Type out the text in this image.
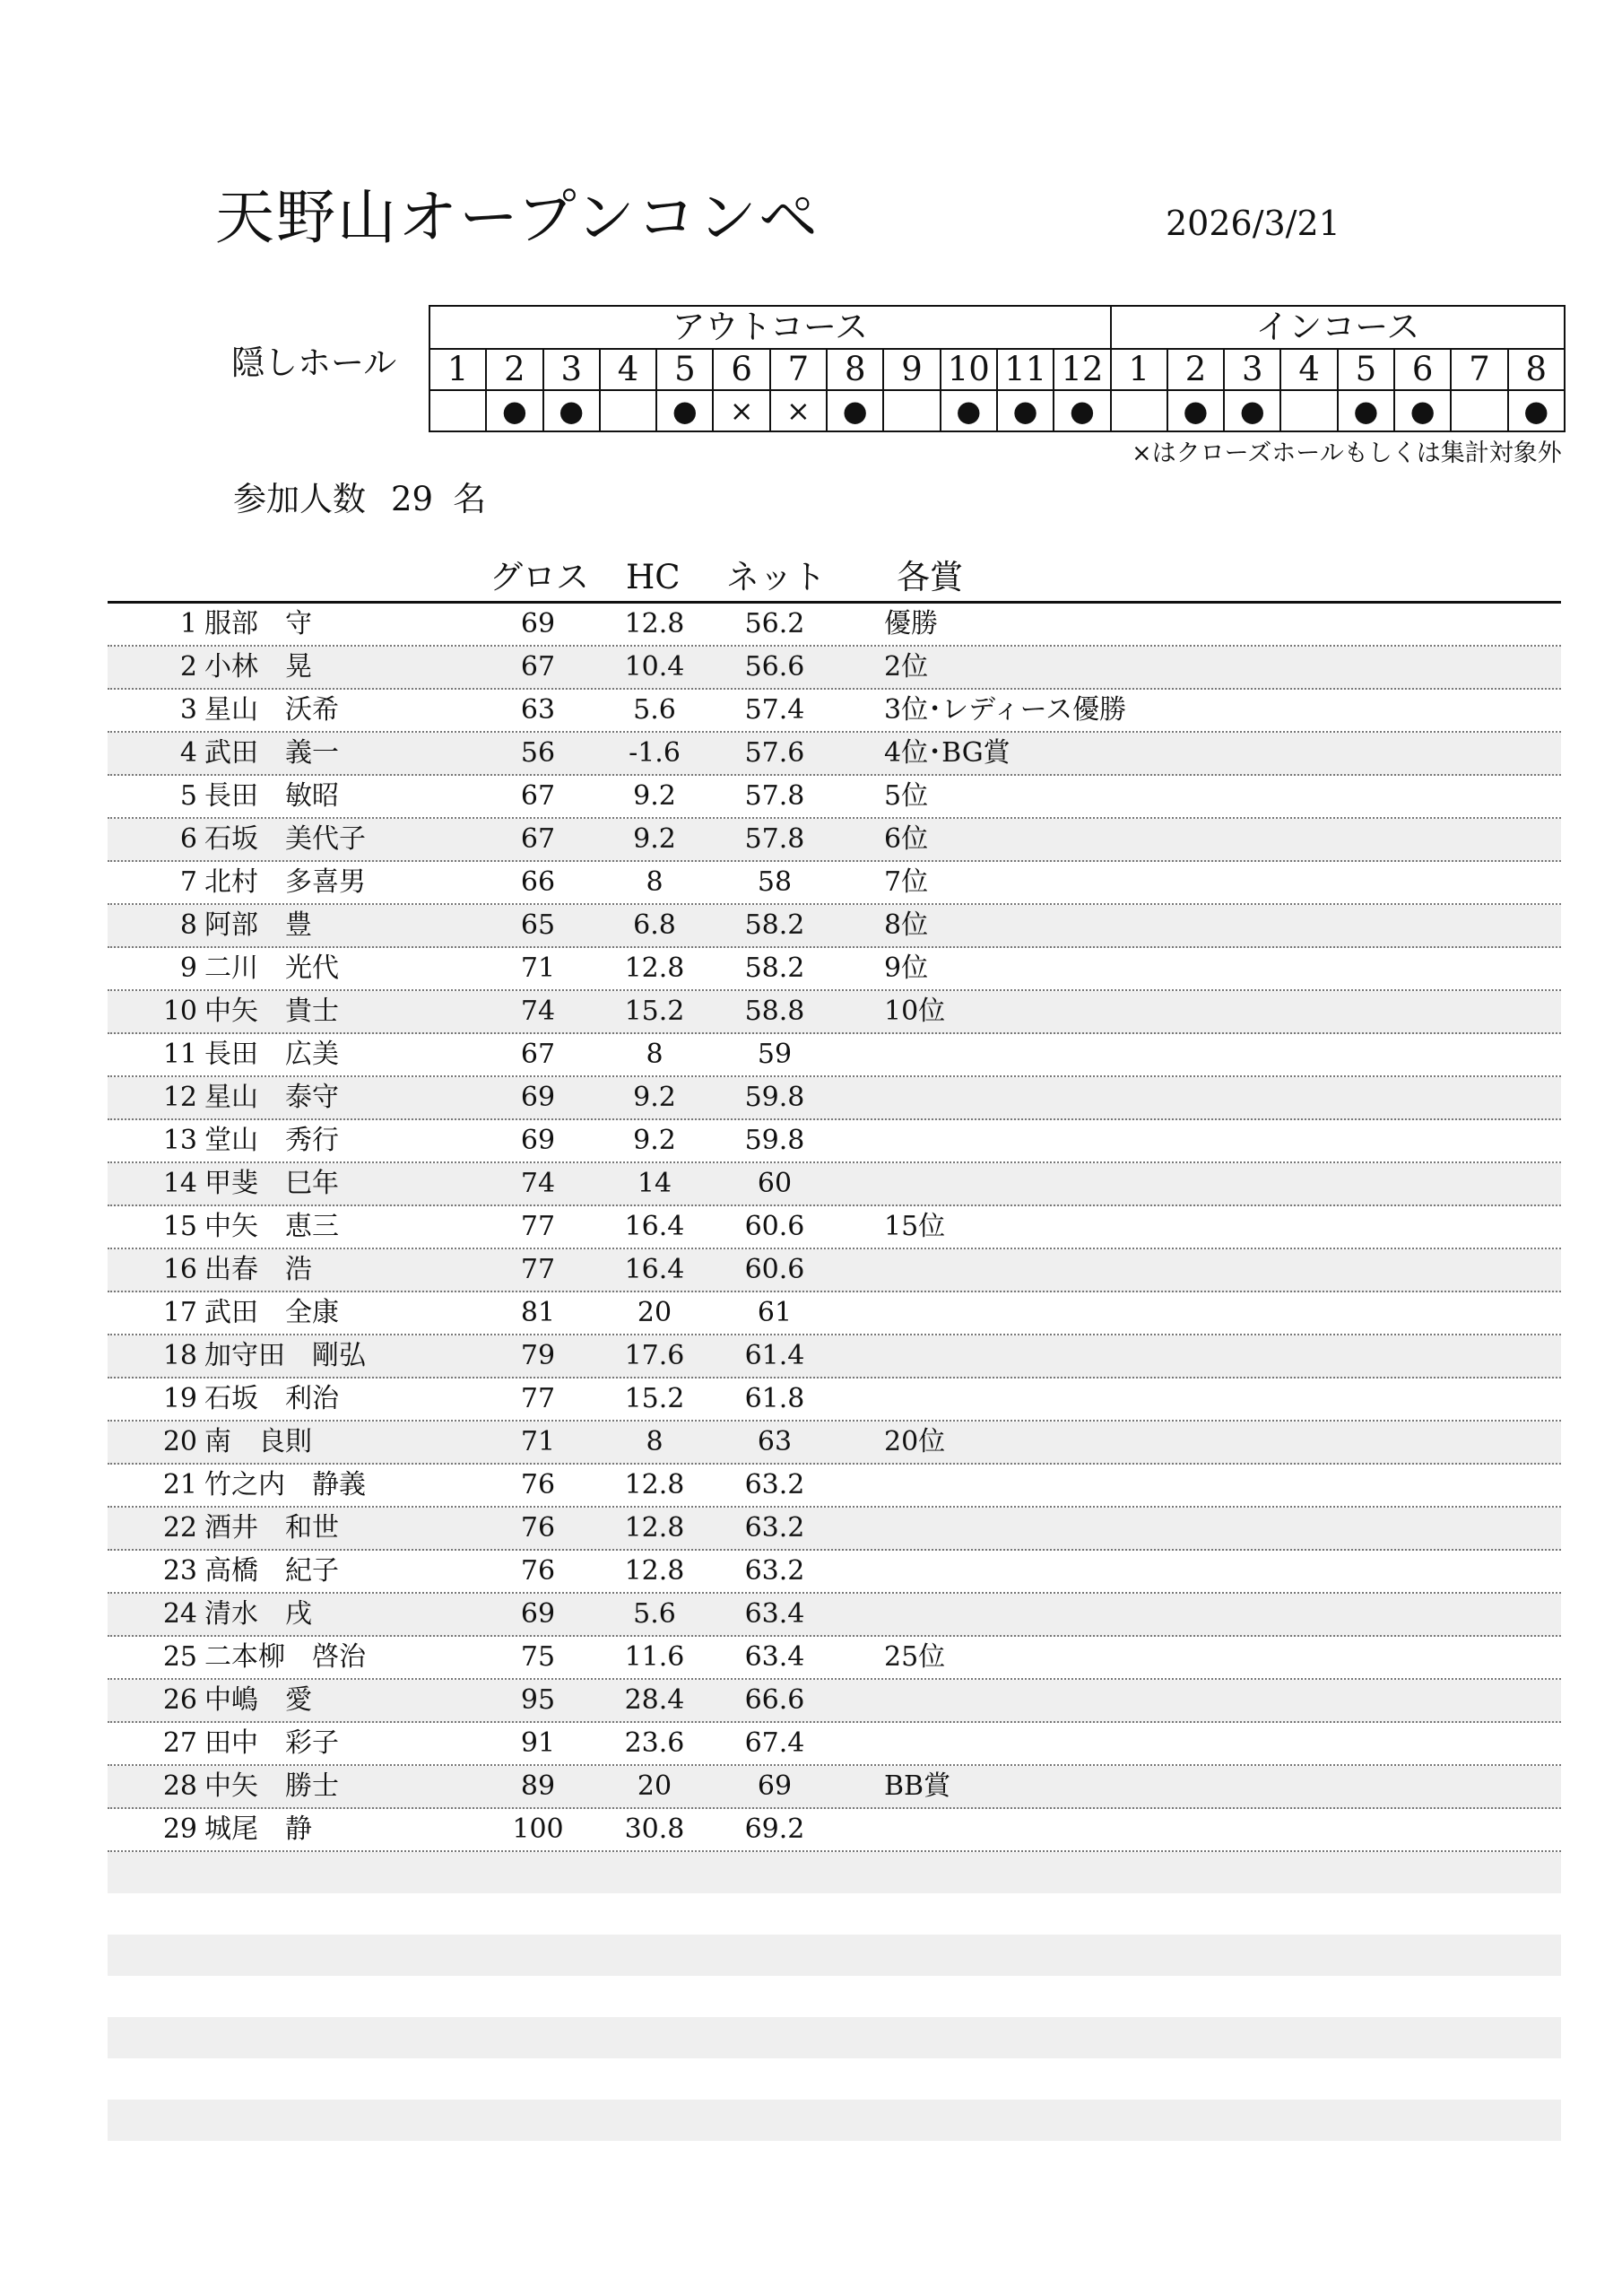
天野山オープンコンペ	2026/3/21
隠しホール
アウトコース												インコース							
1	2	3	4	5	6	7	8	9	10	11	12	1	2	3	4	5	6	7	8
	●	●		●	×	×	●		●	●	●		●	●		●	●		●
×はクローズホールもしくは集計対象外
参加人数 29 名
グロス HC ネット 各賞
1 服部　守	69	12.8	56.2	優勝
2 小林　晃	67	10.4	56.6	2位
3 星山　沃希	63	5.6	57.4	3位･レディース優勝
4 武田　義一	56	-1.6	57.6	4位･BG賞
5 長田　敏昭	67	9.2	57.8	5位
6 石坂　美代子	67	9.2	57.8	6位
7 北村　多喜男	66	8	58	7位
8 阿部　豊	65	6.8	58.2	8位
9 二川　光代	71	12.8	58.2	9位
10 中矢　貴士	74	15.2	58.8	10位
11 長田　広美	67	8	59
12 星山　泰守	69	9.2	59.8
13 堂山　秀行	69	9.2	59.8
14 甲斐　巳年	74	14	60
15 中矢　恵三	77	16.4	60.6	15位
16 出春　浩	77	16.4	60.6
17 武田　全康	81	20	61
18 加守田　剛弘	79	17.6	61.4
19 石坂　利治	77	15.2	61.8
20 南　良則	71	8	63	20位
21 竹之内　静義	76	12.8	63.2
22 酒井　和世	76	12.8	63.2
23 高橋　紀子	76	12.8	63.2
24 清水　戌	69	5.6	63.4
25 二本柳　啓治	75	11.6	63.4	25位
26 中嶋　愛	95	28.4	66.6
27 田中　彩子	91	23.6	67.4
28 中矢　勝士	89	20	69	BB賞
29 城尾　静	100	30.8	69.2
